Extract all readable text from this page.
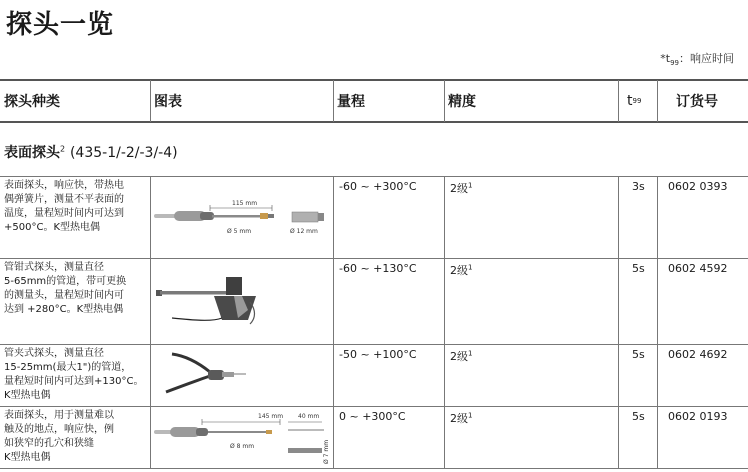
探头一览
$*t_{99}$：响应时间
探头种类	图表	量程	精度	t 99 订货号
表面探头$^2$ (435-1/-2/-3/-4)
表面探头，响应快，带热电
偶弹簧片，测量不平表面的
温度，量程短时间内可达到
+500°C。K型热电偶
115 mm
Ø 5 mm	Ø 12 mm
-60 ~ +300°C	2级$^1$	3s 0602 0393
管钳式探头，测量直径
5-65mm的管道，带可更换
的测量头，量程短时间内可
达到 +280°C。K型热电偶
-60 ~ +130°C	2级$^1$	5s 0602 4592
管夹式探头，测量直径
15-25mm(最大1")的管道，
量程短时间内可达到+130°C。
K型热电偶
-50 ~ +100°C	2级$^1$	5s 0602 4692
表面探头，用于测量难以
触及的地点，响应快，例
如狭窄的孔穴和狭缝
K型热电偶
145 mm
Ø 8 mm
40 mm
Ø 7 mm
0 ~ +300°C	2级$^1$	5s 0602 0193
